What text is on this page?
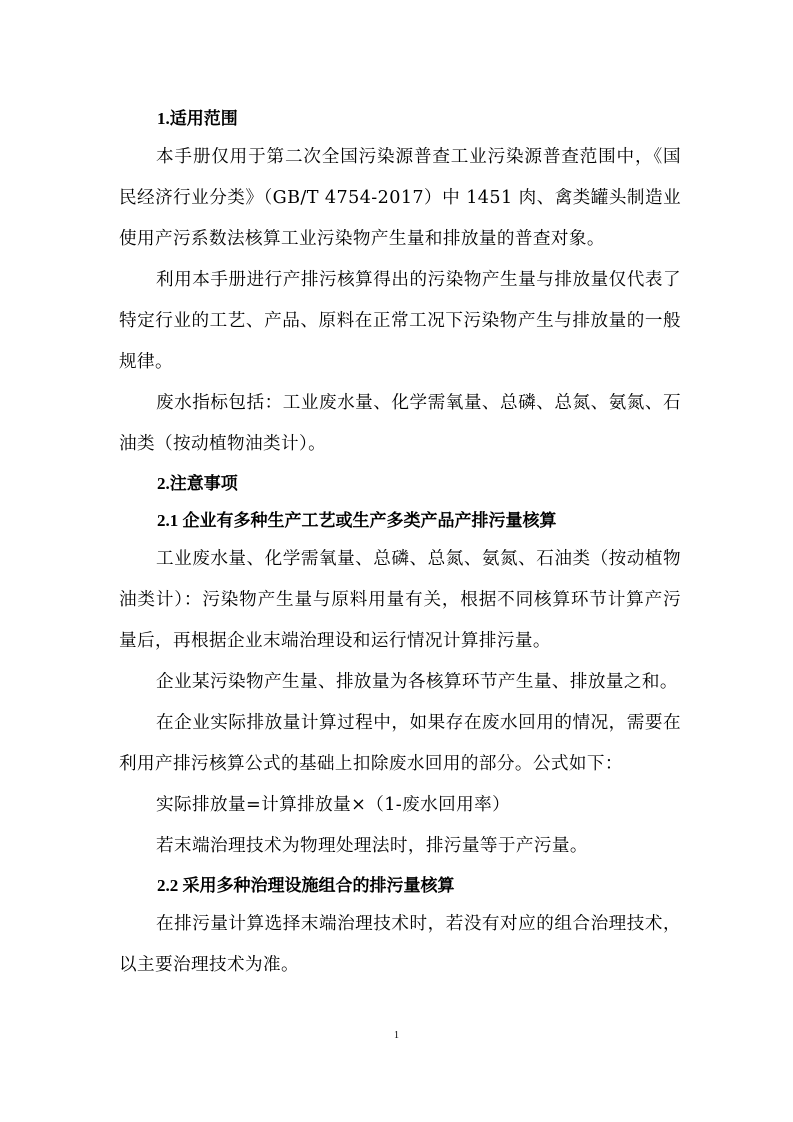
1.适用范围

本手册仅用于第二次全国污染源普查工业污染源普查范围中，《国民经济行业分类》（GB/T 4754-2017）中 1451 肉、禽类罐头制造业使用产污系数法核算工业污染物产生量和排放量的普查对象。

利用本手册进行产排污核算得出的污染物产生量与排放量仅代表了特定行业的工艺、产品、原料在正常工况下污染物产生与排放量的一般规律。

废水指标包括：工业废水量、化学需氧量、总磷、总氮、氨氮、石油类（按动植物油类计）。

2.注意事项
2.1 企业有多种生产工艺或生产多类产品产排污量核算

工业废水量、化学需氧量、总磷、总氮、氨氮、石油类（按动植物油类计）：污染物产生量与原料用量有关，根据不同核算环节计算产污量后，再根据企业末端治理设和运行情况计算排污量。

企业某污染物产生量、排放量为各核算环节产生量、排放量之和。

在企业实际排放量计算过程中，如果存在废水回用的情况，需要在利用产排污核算公式的基础上扣除废水回用的部分。公式如下：

实际排放量=计算排放量×（1-废水回用率）

若末端治理技术为物理处理法时，排污量等于产污量。

2.2 采用多种治理设施组合的排污量核算

在排污量计算选择末端治理技术时，若没有对应的组合治理技术，以主要治理技术为准。

1
